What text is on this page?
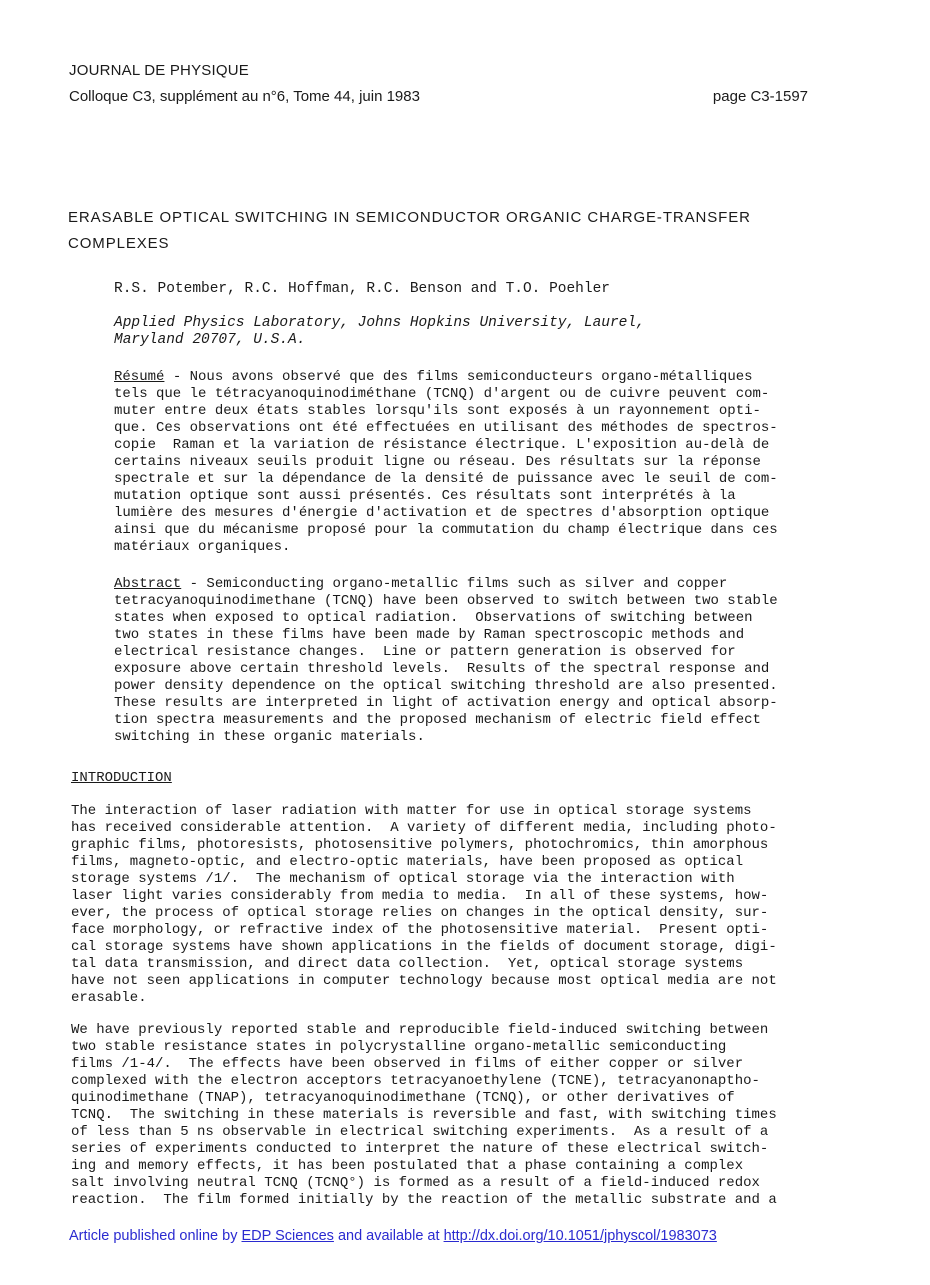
JOURNAL DE PHYSIQUE
Colloque C3, supplément au n°6, Tome 44, juin 1983	page C3-1597
ERASABLE OPTICAL SWITCHING IN SEMICONDUCTOR ORGANIC CHARGE-TRANSFER
COMPLEXES
R.S. Potember, R.C. Hoffman, R.C. Benson and T.O. Poehler
Applied Physics Laboratory, Johns Hopkins University, Laurel,
Maryland 20707, U.S.A.
Résumé - Nous avons observé que des films semiconducteurs organo-métalliques
tels que le tétracyanoquinodiméthane (TCNQ) d'argent ou de cuivre peuvent com-
muter entre deux états stables lorsqu'ils sont exposés à un rayonnement opti-
que. Ces observations ont été effectuées en utilisant des méthodes de spectros-
copie  Raman et la variation de résistance électrique. L'exposition au-delà de
certains niveaux seuils produit ligne ou réseau. Des résultats sur la réponse
spectrale et sur la dépendance de la densité de puissance avec le seuil de com-
mutation optique sont aussi présentés. Ces résultats sont interprétés à la
lumière des mesures d'énergie d'activation et de spectres d'absorption optique
ainsi que du mécanisme proposé pour la commutation du champ électrique dans ces
matériaux organiques.
Abstract - Semiconducting organo-metallic films such as silver and copper
tetracyanoquinodimethane (TCNQ) have been observed to switch between two stable
states when exposed to optical radiation.  Observations of switching between
two states in these films have been made by Raman spectroscopic methods and
electrical resistance changes.  Line or pattern generation is observed for
exposure above certain threshold levels.  Results of the spectral response and
power density dependence on the optical switching threshold are also presented.
These results are interpreted in light of activation energy and optical absorp-
tion spectra measurements and the proposed mechanism of electric field effect
switching in these organic materials.
INTRODUCTION
The interaction of laser radiation with matter for use in optical storage systems
has received considerable attention.  A variety of different media, including photo-
graphic films, photoresists, photosensitive polymers, photochromics, thin amorphous
films, magneto-optic, and electro-optic materials, have been proposed as optical
storage systems /1/.  The mechanism of optical storage via the interaction with
laser light varies considerably from media to media.  In all of these systems, how-
ever, the process of optical storage relies on changes in the optical density, sur-
face morphology, or refractive index of the photosensitive material.  Present opti-
cal storage systems have shown applications in the fields of document storage, digi-
tal data transmission, and direct data collection.  Yet, optical storage systems
have not seen applications in computer technology because most optical media are not
erasable.
We have previously reported stable and reproducible field-induced switching between
two stable resistance states in polycrystalline organo-metallic semiconducting
films /1-4/.  The effects have been observed in films of either copper or silver
complexed with the electron acceptors tetracyanoethylene (TCNE), tetracyanonaptho-
quinodimethane (TNAP), tetracyanoquinodimethane (TCNQ), or other derivatives of
TCNQ.  The switching in these materials is reversible and fast, with switching times
of less than 5 ns observable in electrical switching experiments.  As a result of a
series of experiments conducted to interpret the nature of these electrical switch-
ing and memory effects, it has been postulated that a phase containing a complex
salt involving neutral TCNQ (TCNQ°) is formed as a result of a field-induced redox
reaction.  The film formed initially by the reaction of the metallic substrate and a
Article published online by EDP Sciences and available at http://dx.doi.org/10.1051/jphyscol/1983073
